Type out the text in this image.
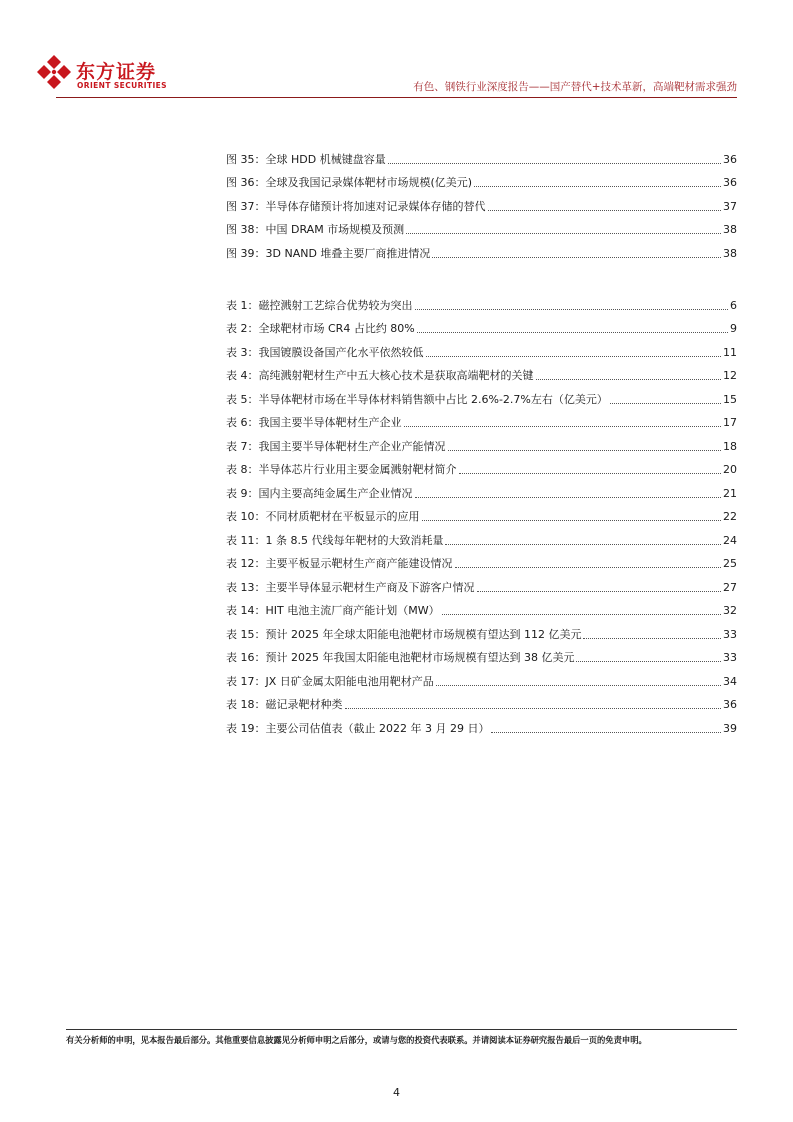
东方证券
ORIENT SECURITIES	有色、钢铁行业深度报告——国产替代+技术革新，高端靶材需求强劲
图 35： 全球 HDD 机械键盘容量	36
图 36： 全球及我国记录媒体靶材市场规模(亿美元)	36
图 37： 半导体存储预计将加速对记录媒体存储的替代	37
图 38： 中国 DRAM 市场规模及预测	38
图 39： 3D NAND 堆叠主要厂商推进情况	38
表 1： 磁控溅射工艺综合优势较为突出	6
表 2： 全球靶材市场 CR4 占比约 80%	9
表 3： 我国镀膜设备国产化水平依然较低	11
表 4： 高纯溅射靶材生产中五大核心技术是获取高端靶材的关键	12
表 5： 半导体靶材市场在半导体材料销售额中占比 2.6%-2.7%左右（亿美元）	15
表 6： 我国主要半导体靶材生产企业	17
表 7： 我国主要半导体靶材生产企业产能情况	18
表 8： 半导体芯片行业用主要金属溅射靶材简介	20
表 9： 国内主要高纯金属生产企业情况	21
表 10： 不同材质靶材在平板显示的应用	22
表 11： 1 条 8.5 代线每年靶材的大致消耗量	24
表 12： 主要平板显示靶材生产商产能建设情况	25
表 13： 主要半导体显示靶材生产商及下游客户情况	27
表 14： HIT 电池主流厂商产能计划（MW）	32
表 15： 预计 2025 年全球太阳能电池靶材市场规模有望达到 112 亿美元	33
表 16： 预计 2025 年我国太阳能电池靶材市场规模有望达到 38 亿美元	33
表 17： JX 日矿金属太阳能电池用靶材产品	34
表 18： 磁记录靶材种类	36
表 19： 主要公司估值表（截止 2022 年 3 月 29 日）	39
有关分析师的申明，见本报告最后部分。其他重要信息披露见分析师申明之后部分，或请与您的投资代表联系。并请阅读本证券研究报告最后一页的免责申明。
4
